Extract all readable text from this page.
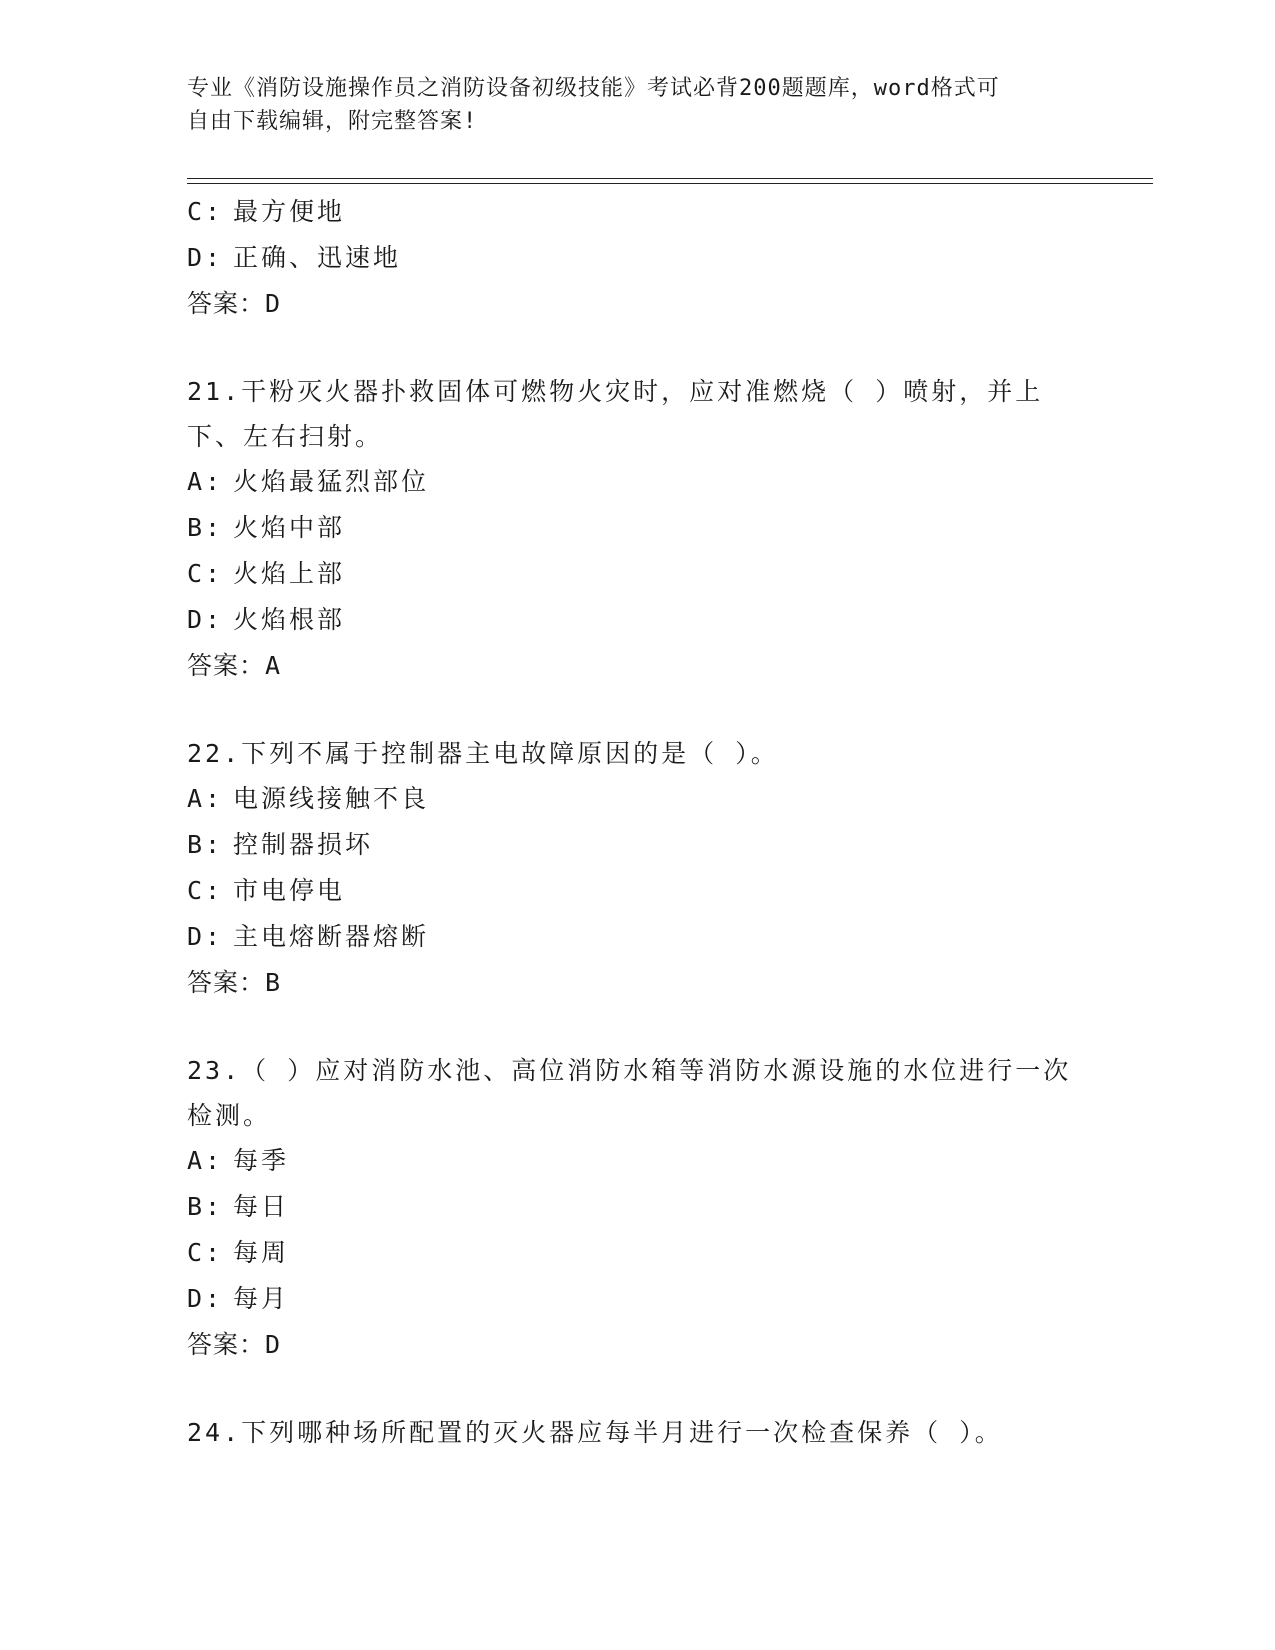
专业《消防设施操作员之消防设备初级技能》考试必背200题题库，word格式可
自由下载编辑，附完整答案!
C: 最方便地
D: 正确、迅速地
答案：D
21.干粉灭火器扑救固体可燃物火灾时，应对准燃烧（ ）喷射，并上下、左右扫射。
A: 火焰最猛烈部位
B: 火焰中部
C: 火焰上部
D: 火焰根部
答案：A
22.下列不属于控制器主电故障原因的是（ ）。
A: 电源线接触不良
B: 控制器损坏
C: 市电停电
D: 主电熔断器熔断
答案：B
23.（ ）应对消防水池、高位消防水箱等消防水源设施的水位进行一次检测。
A: 每季
B: 每日
C: 每周
D: 每月
答案：D
24.下列哪种场所配置的灭火器应每半月进行一次检查保养（ ）。
